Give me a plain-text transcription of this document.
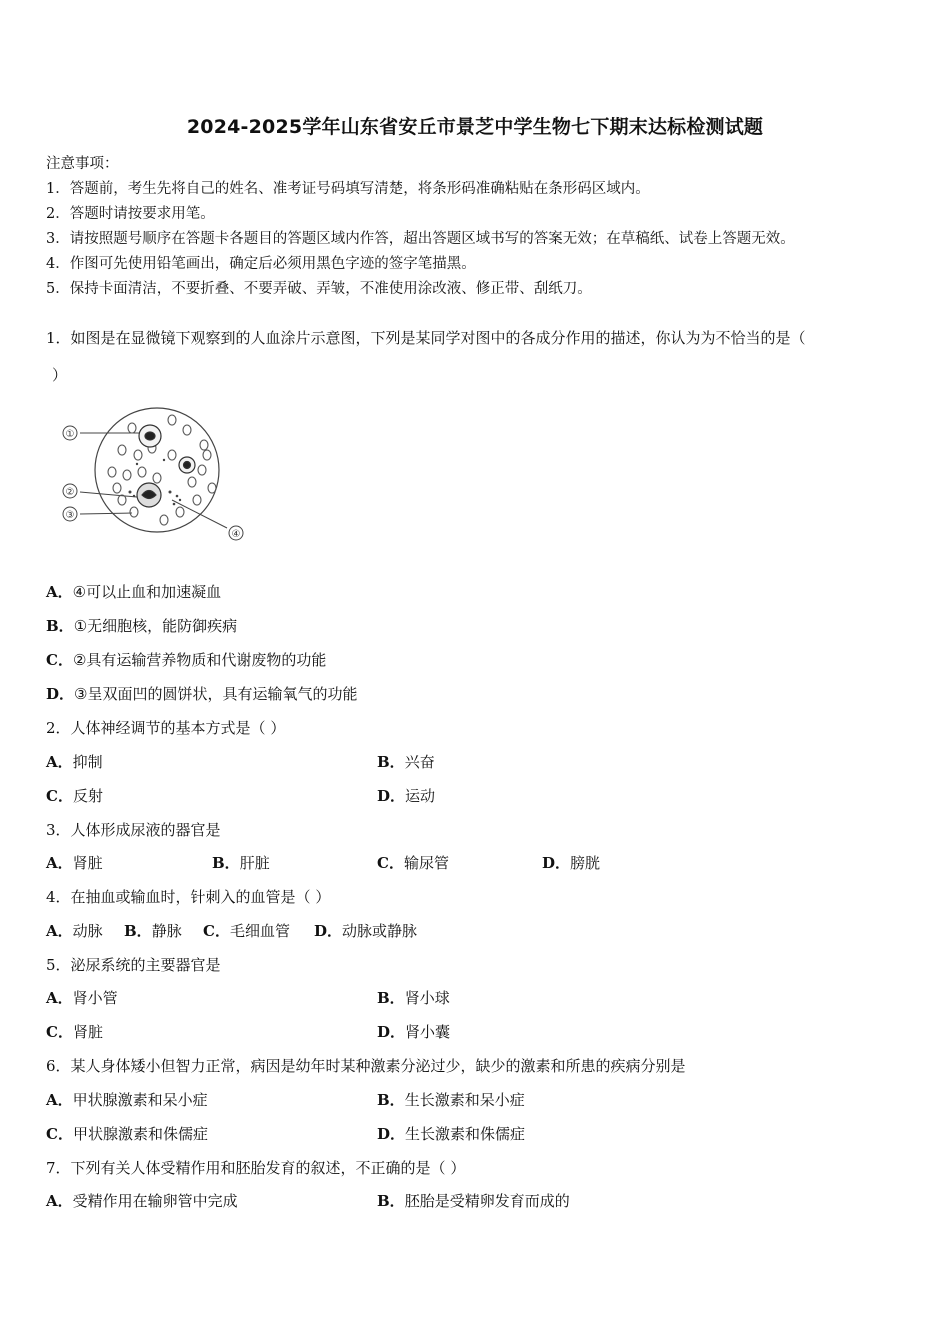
2024-2025学年山东省安丘市景芝中学生物七下期末达标检测试题
注意事项：
1．答题前，考生先将自己的姓名、准考证号码填写清楚，将条形码准确粘贴在条形码区域内。
2．答题时请按要求用笔。
3．请按照题号顺序在答题卡各题目的答题区域内作答，超出答题区域书写的答案无效；在草稿纸、试卷上答题无效。
4．作图可先使用铅笔画出，确定后必须用黑色字迹的签字笔描黑。
5．保持卡面清洁，不要折叠、不要弄破、弄皱，不准使用涂改液、修正带、刮纸刀。
1．如图是在显微镜下观察到的人血涂片示意图，下列是某同学对图中的各成分作用的描述，你认为为不恰当的是（
）
①
②
③
④
A．④可以止血和加速凝血
B．①无细胞核，能防御疾病
C．②具有运输营养物质和代谢废物的功能
D．③呈双面凹的圆饼状，具有运输氧气的功能
2．人体神经调节的基本方式是（ ）
A．抑制	B．兴奋
C．反射	D．运动
3．人体形成尿液的器官是
A．肾脏	B．肝脏	C．输尿管	D．膀胱
4．在抽血或输血时，针刺入的血管是（ ）
A．动脉 B．静脉 C．毛细血管 D．动脉或静脉
5．泌尿系统的主要器官是
A．肾小管	B．肾小球
C．肾脏	D．肾小囊
6．某人身体矮小但智力正常，病因是幼年时某种激素分泌过少，缺少的激素和所患的疾病分别是
A．甲状腺激素和呆小症	B．生长激素和呆小症
C．甲状腺激素和侏儒症	D．生长激素和侏儒症
7．下列有关人体受精作用和胚胎发育的叙述，不正确的是（ ）
A．受精作用在输卵管中完成	B．胚胎是受精卵发育而成的
